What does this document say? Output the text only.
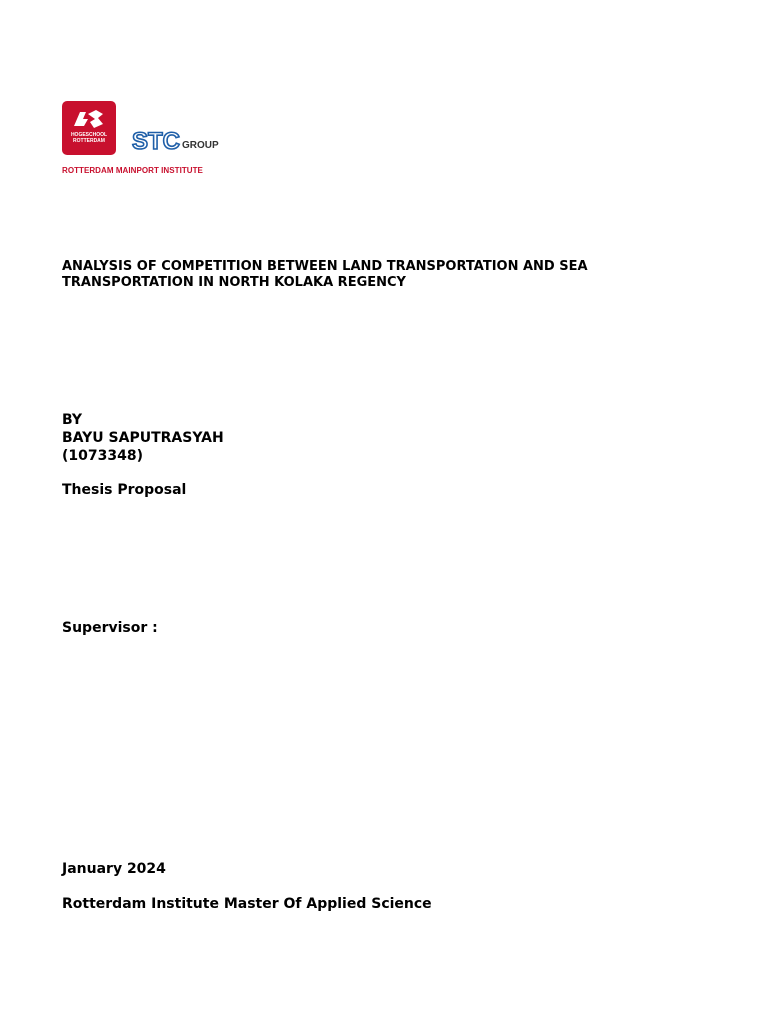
HOGESCHOOL
ROTTERDAM	STC GROUP
ROTTERDAM MAINPORT INSTITUTE
ANALYSIS OF COMPETITION BETWEEN LAND TRANSPORTATION AND SEA
TRANSPORTATION IN NORTH KOLAKA REGENCY
BY
BAYU SAPUTRASYAH
(1073348)
Thesis Proposal
Supervisor :
January 2024
Rotterdam Institute Master Of Applied Science
